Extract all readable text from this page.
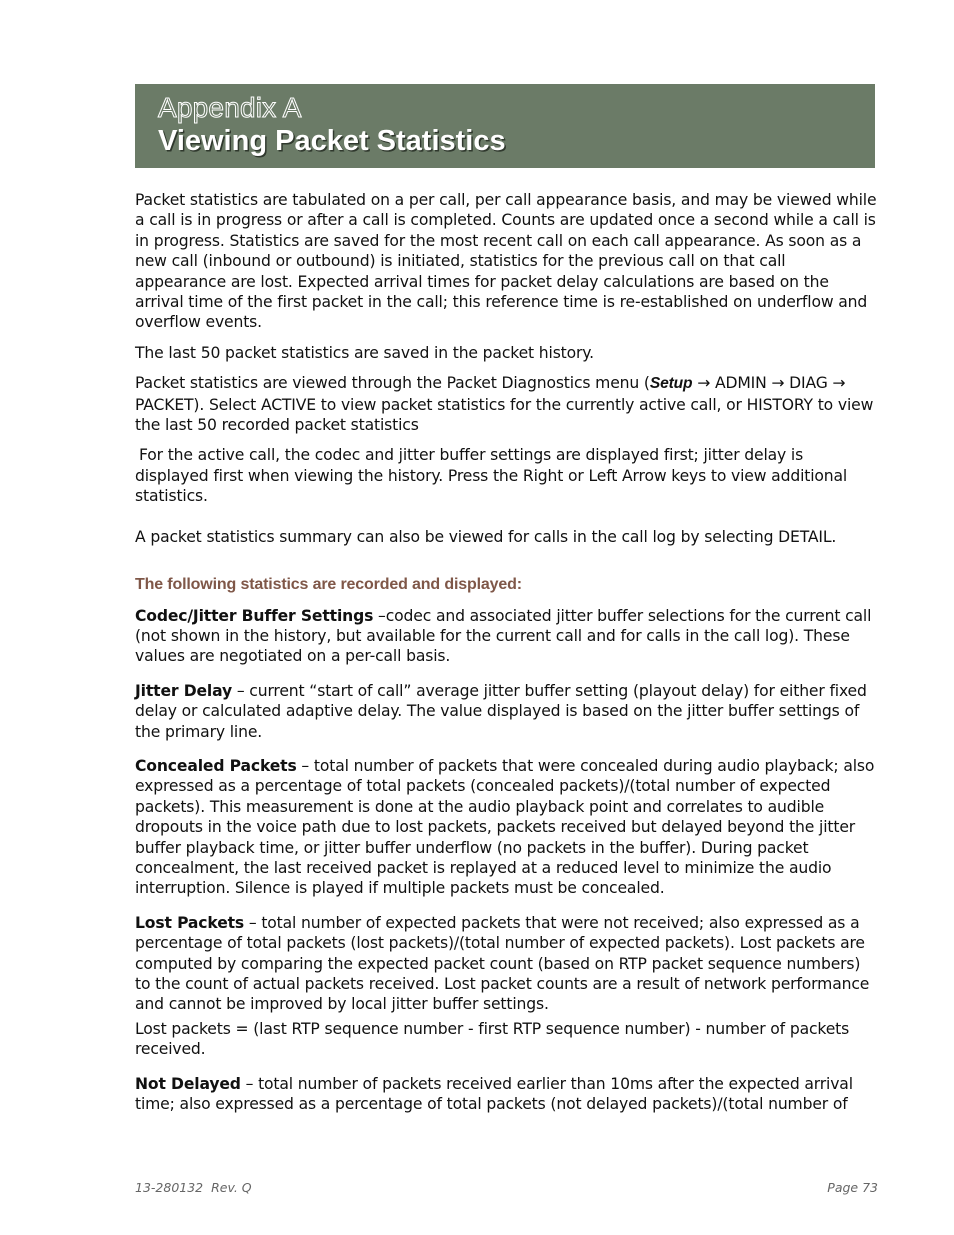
Appendix A
Viewing Packet Statistics

Packet statistics are tabulated on a per call, per call appearance basis, and may be viewed while a call is in progress or after a call is completed. Counts are updated once a second while a call is in progress. Statistics are saved for the most recent call on each call appearance. As soon as a new call (inbound or outbound) is initiated, statistics for the previous call on that call appearance are lost. Expected arrival times for packet delay calculations are based on the arrival time of the first packet in the call; this reference time is re-established on underflow and overflow events.

The last 50 packet statistics are saved in the packet history.

Packet statistics are viewed through the Packet Diagnostics menu (Setup → ADMIN → DIAG → PACKET). Select ACTIVE to view packet statistics for the currently active call, or HISTORY to view the last 50 recorded packet statistics

For the active call, the codec and jitter buffer settings are displayed first; jitter delay is displayed first when viewing the history. Press the Right or Left Arrow keys to view additional statistics.

A packet statistics summary can also be viewed for calls in the call log by selecting DETAIL.

The following statistics are recorded and displayed:

Codec/Jitter Buffer Settings –codec and associated jitter buffer selections for the current call (not shown in the history, but available for the current call and for calls in the call log). These values are negotiated on a per-call basis.

Jitter Delay – current “start of call” average jitter buffer setting (playout delay) for either fixed delay or calculated adaptive delay. The value displayed is based on the jitter buffer settings of the primary line.

Concealed Packets – total number of packets that were concealed during audio playback; also expressed as a percentage of total packets (concealed packets)/(total number of expected packets). This measurement is done at the audio playback point and correlates to audible dropouts in the voice path due to lost packets, packets received but delayed beyond the jitter buffer playback time, or jitter buffer underflow (no packets in the buffer). During packet concealment, the last received packet is replayed at a reduced level to minimize the audio interruption. Silence is played if multiple packets must be concealed.

Lost Packets – total number of expected packets that were not received; also expressed as a percentage of total packets (lost packets)/(total number of expected packets). Lost packets are computed by comparing the expected packet count (based on RTP packet sequence numbers) to the count of actual packets received. Lost packet counts are a result of network performance and cannot be improved by local jitter buffer settings.

Lost packets = (last RTP sequence number - first RTP sequence number) - number of packets received.

Not Delayed – total number of packets received earlier than 10ms after the expected arrival time; also expressed as a percentage of total packets (not delayed packets)/(total number of

13-280132  Rev. Q	Page 73
